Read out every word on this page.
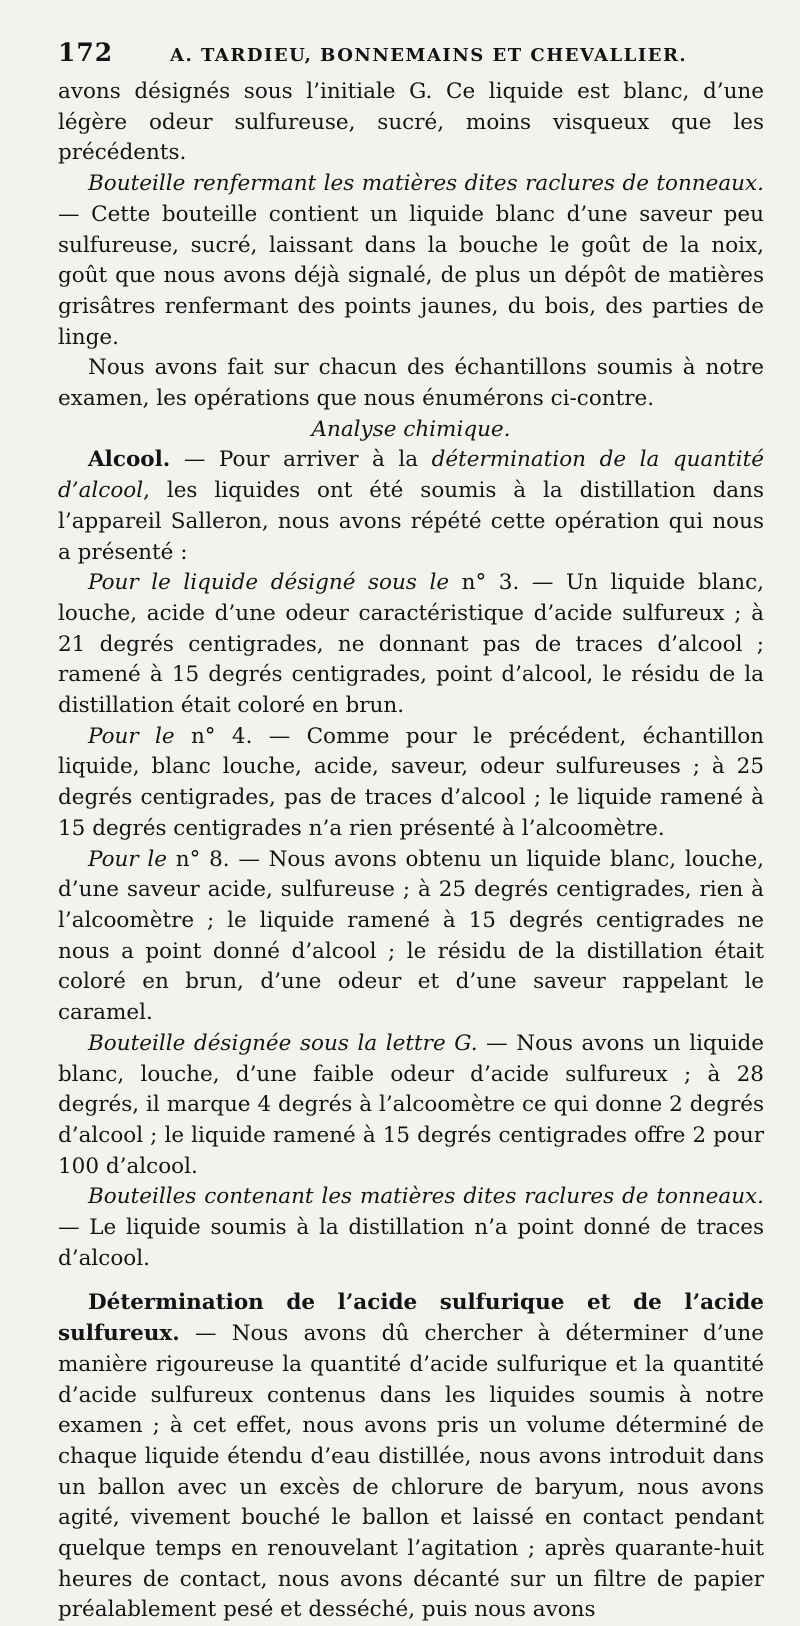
172	A. TARDIEU, BONNEMAINS ET CHEVALLIER.

avons désignés sous l’initiale G. Ce liquide est blanc, d’une légère odeur sulfureuse, sucré, moins visqueux que les précédents.

Bouteille renfermant les matières dites raclures de tonneaux. — Cette bouteille contient un liquide blanc d’une saveur peu sulfureuse, sucré, laissant dans la bouche le goût de la noix, goût que nous avons déjà signalé, de plus un dépôt de matières grisâtres renfermant des points jaunes, du bois, des parties de linge.

Nous avons fait sur chacun des échantillons soumis à notre examen, les opérations que nous énumérons ci-contre.

Analyse chimique.

Alcool. — Pour arriver à la détermination de la quantité d’alcool, les liquides ont été soumis à la distillation dans l’appareil Salleron, nous avons répété cette opération qui nous a présenté :

Pour le liquide désigné sous le n° 3. — Un liquide blanc, louche, acide d’une odeur caractéristique d’acide sulfureux ; à 21 degrés centigrades, ne donnant pas de traces d’alcool ; ramené à 15 degrés centigrades, point d’alcool, le résidu de la distillation était coloré en brun.

Pour le n° 4. — Comme pour le précédent, échantillon liquide, blanc louche, acide, saveur, odeur sulfureuses ; à 25 degrés centigrades, pas de traces d’alcool ; le liquide ramené à 15 degrés centigrades n’a rien présenté à l’alcoomètre.

Pour le n° 8. — Nous avons obtenu un liquide blanc, louche, d’une saveur acide, sulfureuse ; à 25 degrés centigrades, rien à l’alcoomètre ; le liquide ramené à 15 degrés centigrades ne nous a point donné d’alcool ; le résidu de la distillation était coloré en brun, d’une odeur et d’une saveur rappelant le caramel.

Bouteille désignée sous la lettre G. — Nous avons un liquide blanc, louche, d’une faible odeur d’acide sulfureux ; à 28 degrés, il marque 4 degrés à l’alcoomètre ce qui donne 2 degrés d’alcool ; le liquide ramené à 15 degrés centigrades offre 2 pour 100 d’alcool.

Bouteilles contenant les matières dites raclures de tonneaux. — Le liquide soumis à la distillation n’a point donné de traces d’alcool.

Détermination de l’acide sulfurique et de l’acide sulfureux. — Nous avons dû chercher à déterminer d’une manière rigoureuse la quantité d’acide sulfurique et la quantité d’acide sulfureux contenus dans les liquides soumis à notre examen ; à cet effet, nous avons pris un volume déterminé de chaque liquide étendu d’eau distillée, nous avons introduit dans un ballon avec un excès de chlorure de baryum, nous avons agité, vivement bouché le ballon et laissé en contact pendant quelque temps en renouvelant l’agitation ; après quarante-huit heures de contact, nous avons décanté sur un filtre de papier préalablement pesé et desséché, puis nous avons
